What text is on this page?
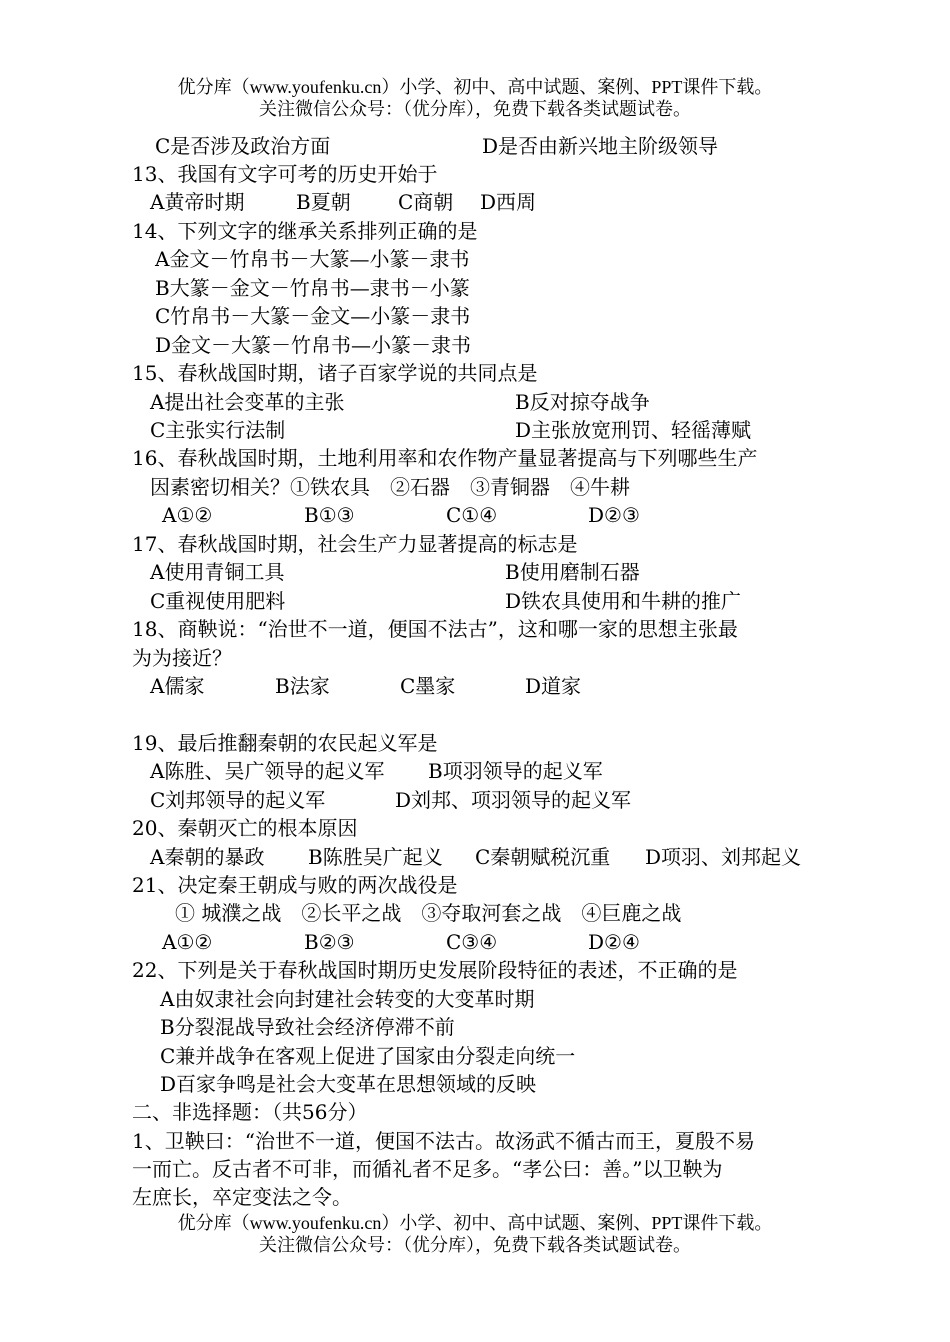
优分库（www.youfenku.cn）小学、初中、高中试题、案例、PPT课件下载。
关注微信公众号：（优分库），免费下载各类试题试卷。
C是否涉及政治方面	D是否由新兴地主阶级领导
13、我国有文字可考的历史开始于
A黄帝时期	B夏朝 C商朝 D西周
14、下列文字的继承关系排列正确的是
A金文－竹帛书－大篆—小篆－隶书
B大篆－金文－竹帛书—隶书－小篆
C竹帛书－大篆－金文—小篆－隶书
D金文－大篆－竹帛书—小篆－隶书
15、春秋战国时期，诸子百家学说的共同点是
A提出社会变革的主张	B反对掠夺战争
C主张实行法制	D主张放宽刑罚、轻徭薄赋
16、春秋战国时期，土地利用率和农作物产量显著提高与下列哪些生产
因素密切相关？①铁农具　②石器　③青铜器　④牛耕
A①②	B①③	C①④	D②③
17、春秋战国时期，社会生产力显著提高的标志是
A使用青铜工具	B使用磨制石器
C重视使用肥料	D铁农具使用和牛耕的推广
18、商鞅说：“治世不一道，便国不法古”，这和哪一家的思想主张最
为为接近？
A儒家	B法家	C墨家	D道家
19、最后推翻秦朝的农民起义军是
A陈胜、吴广领导的起义军 B项羽领导的起义军
C刘邦领导的起义军	D刘邦、项羽领导的起义军
20、秦朝灭亡的根本原因
A秦朝的暴政 B陈胜吴广起义 C秦朝赋税沉重 D项羽、刘邦起义
21、决定秦王朝成与败的两次战役是
① 城濮之战　②长平之战　③夺取河套之战　④巨鹿之战
A①②	B②③	C③④	D②④
22、下列是关于春秋战国时期历史发展阶段特征的表述，不正确的是
A由奴隶社会向封建社会转变的大变革时期
B分裂混战导致社会经济停滞不前
C兼并战争在客观上促进了国家由分裂走向统一
D百家争鸣是社会大变革在思想领域的反映
二、非选择题：（共56分）
1、卫鞅曰：“治世不一道，便国不法古。故汤武不循古而王，夏殷不易
一而亡。反古者不可非，而循礼者不足多。“孝公曰：善。”以卫鞅为
左庶长，卒定变法之令。
优分库（www.youfenku.cn）小学、初中、高中试题、案例、PPT课件下载。
关注微信公众号：（优分库），免费下载各类试题试卷。
